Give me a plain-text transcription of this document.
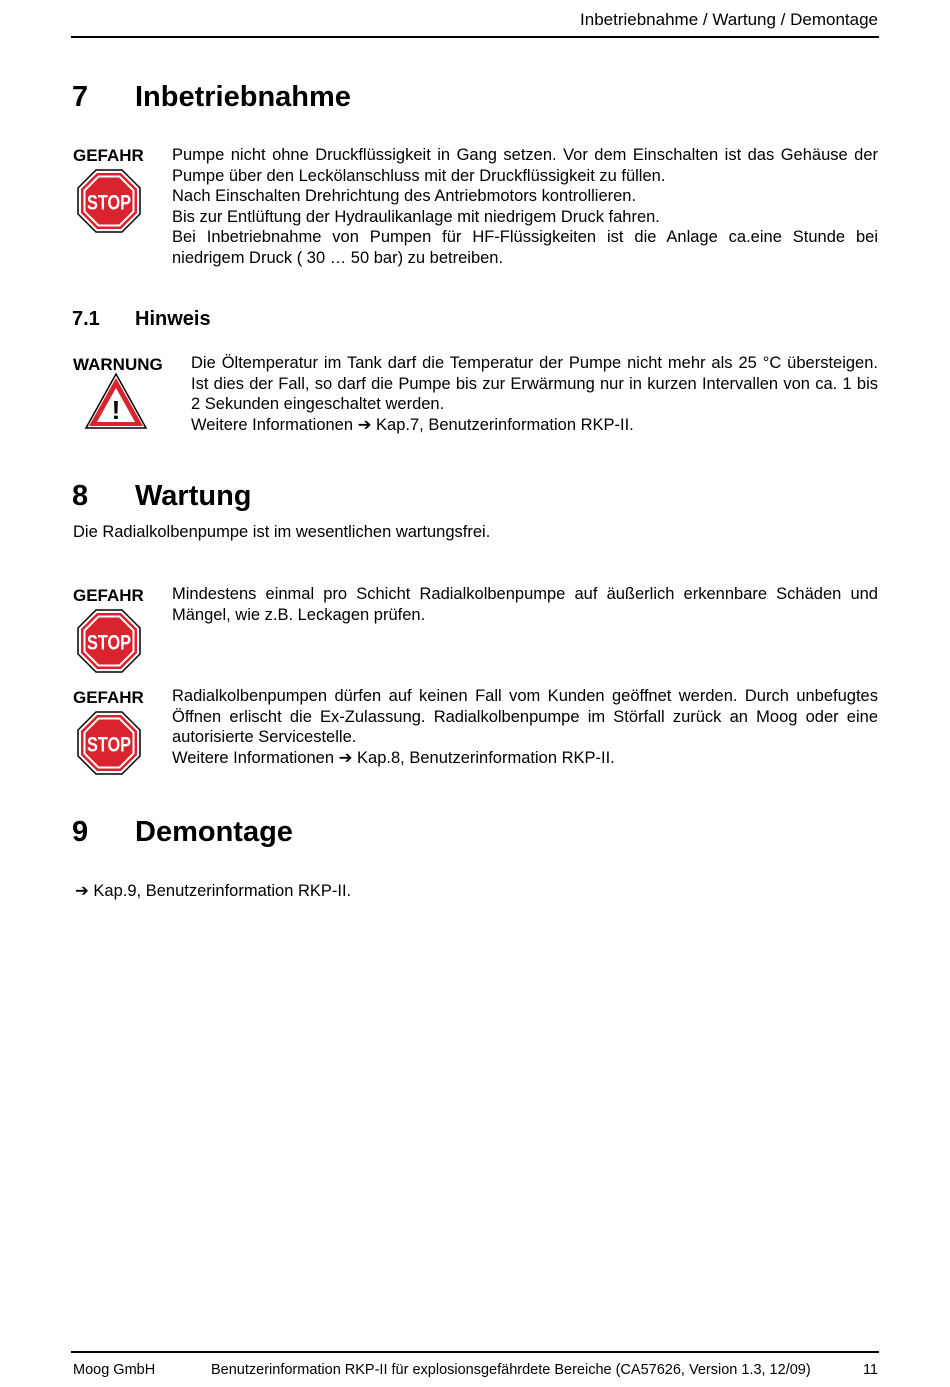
Inbetriebnahme / Wartung / Demontage
7 Inbetriebnahme
GEFAHR
STOP
Pumpe nicht ohne Druckflüssigkeit in Gang setzen. Vor dem Einschalten ist das Gehäuse der Pumpe über den Leckölanschluss mit der Druckflüssigkeit zu füllen.
Nach Einschalten Drehrichtung des Antriebmotors kontrollieren.
Bis zur Entlüftung der Hydraulikanlage mit niedrigem Druck fahren.
Bei Inbetriebnahme von Pumpen für HF-Flüssigkeiten ist die Anlage ca.eine Stunde bei niedrigem Druck ( 30 … 50 bar) zu betreiben.
7.1 Hinweis
WARNUNG
!
Die Öltemperatur im Tank darf die Temperatur der Pumpe nicht mehr als 25 °C übersteigen. Ist dies der Fall, so darf die Pumpe bis zur Erwärmung nur in kurzen Intervallen von ca. 1 bis 2 Sekunden eingeschaltet werden.
Weitere Informationen ➔ Kap.7, Benutzerinformation RKP-II.
8 Wartung
Die Radialkolbenpumpe ist im wesentlichen wartungsfrei.
GEFAHR
STOP
Mindestens einmal pro Schicht Radialkolbenpumpe auf äußerlich erkennbare Schäden und Mängel, wie z.B. Leckagen prüfen.
GEFAHR
STOP
Radialkolbenpumpen dürfen auf keinen Fall vom Kunden geöffnet werden. Durch unbefugtes Öffnen erlischt die Ex-Zulassung. Radialkolbenpumpe im Störfall zurück an Moog oder eine autorisierte Servicestelle.
Weitere Informationen ➔ Kap.8, Benutzerinformation RKP-II.
9 Demontage
➔ Kap.9, Benutzerinformation RKP-II.
Moog GmbH	Benutzerinformation RKP-II für explosionsgefährdete Bereiche (CA57626, Version 1.3, 12/09)	11
